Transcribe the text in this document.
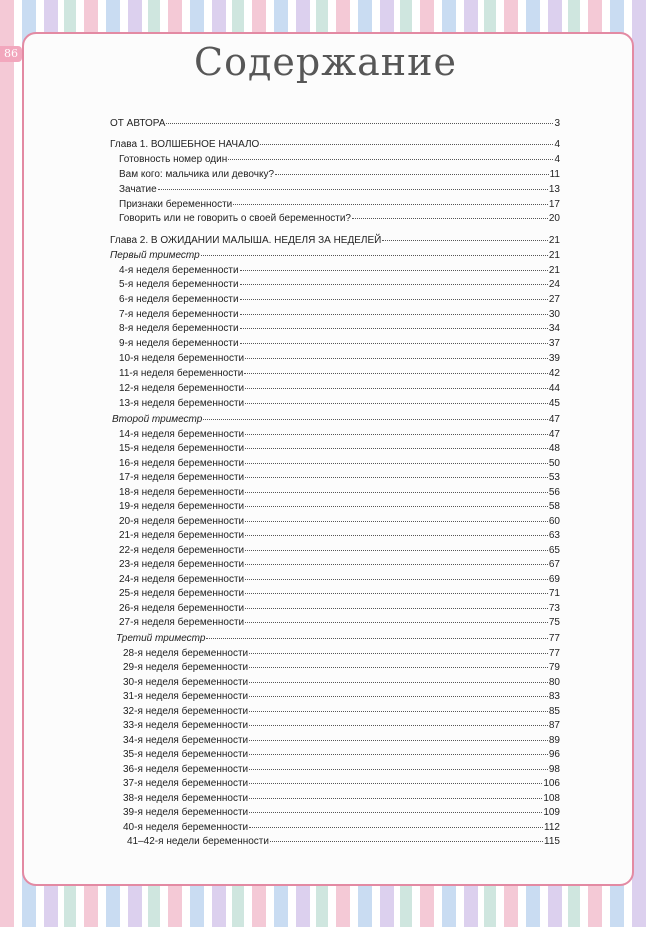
86	Содержание
ОТ АВТОРА	3
Глава 1. ВОЛШЕБНОЕ НАЧАЛО	4
Готовность номер один	4
Вам кого: мальчика или девочку?	11
Зачатие	13
Признаки беременности	17
Говорить или не говорить о своей беременности?	20
Глава 2. В ОЖИДАНИИ МАЛЫША. НЕДЕЛЯ ЗА НЕДЕЛЕЙ	21
Первый триместр	21
4-я неделя беременности	21
5-я неделя беременности	24
6-я неделя беременности	27
7-я неделя беременности	30
8-я неделя беременности	34
9-я неделя беременности	37
10-я неделя беременности	39
11-я неделя беременности	42
12-я неделя беременности	44
13-я неделя беременности	45
Второй триместр	47
14-я неделя беременности	47
15-я неделя беременности	48
16-я неделя беременности	50
17-я неделя беременности	53
18-я неделя беременности	56
19-я неделя беременности	58
20-я неделя беременности	60
21-я неделя беременности	63
22-я неделя беременности	65
23-я неделя беременности	67
24-я неделя беременности	69
25-я неделя беременности	71
26-я неделя беременности	73
27-я неделя беременности	75
Третий триместр	77
28-я неделя беременности	77
29-я неделя беременности	79
30-я неделя беременности	80
31-я неделя беременности	83
32-я неделя беременности	85
33-я неделя беременности	87
34-я неделя беременности	89
35-я неделя беременности	96
36-я неделя беременности	98
37-я неделя беременности	106
38-я неделя беременности	108
39-я неделя беременности	109
40-я неделя беременности	112
41–42-я недели беременности	115
